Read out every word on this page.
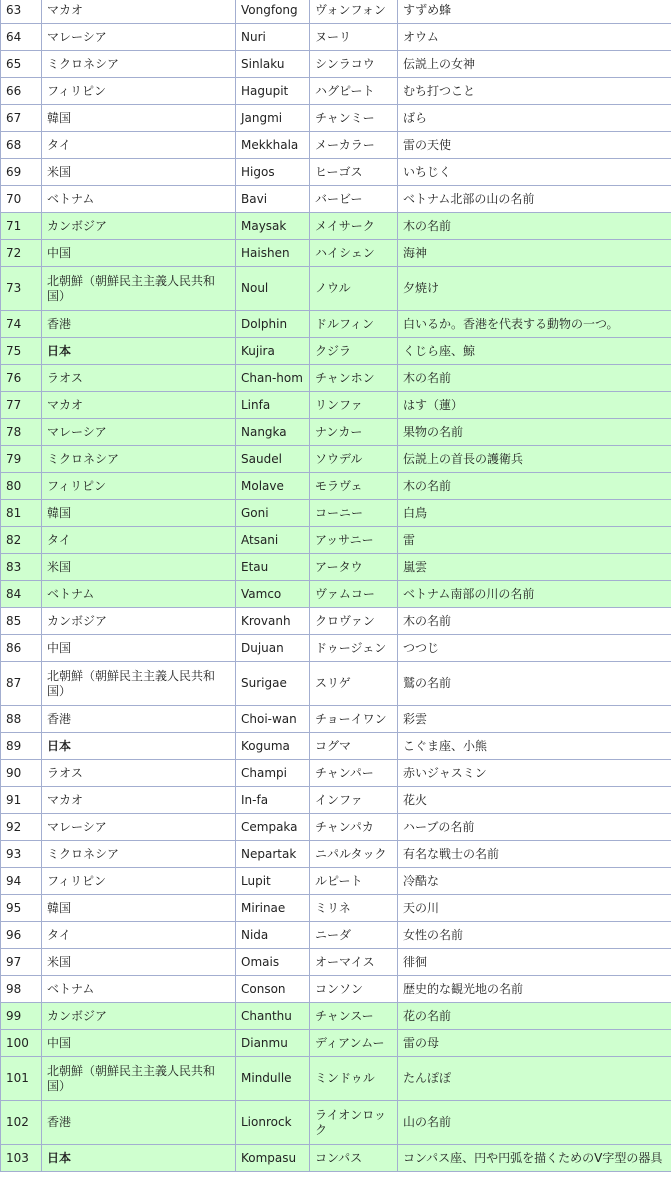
63	マカオ	Vongfong	ヴォンフォン	すずめ蜂
64	マレーシア	Nuri	ヌーリ	オウム
65	ミクロネシア	Sinlaku	シンラコウ	伝説上の女神
66	フィリピン	Hagupit	ハグピート	むち打つこと
67	韓国	Jangmi	チャンミー	ばら
68	タイ	Mekkhala	メーカラー	雷の天使
69	米国	Higos	ヒーゴス	いちじく
70	ベトナム	Bavi	バービー	ベトナム北部の山の名前
71	カンボジア	Maysak	メイサーク	木の名前
72	中国	Haishen	ハイシェン	海神
73	北朝鮮（朝鮮民主主義人民共和国）	Noul	ノウル	夕焼け
74	香港	Dolphin	ドルフィン	白いるか。香港を代表する動物の一つ。
75	日本	Kujira	クジラ	くじら座、鯨
76	ラオス	Chan-hom	チャンホン	木の名前
77	マカオ	Linfa	リンファ	はす（蓮）
78	マレーシア	Nangka	ナンカー	果物の名前
79	ミクロネシア	Saudel	ソウデル	伝説上の首長の護衛兵
80	フィリピン	Molave	モラヴェ	木の名前
81	韓国	Goni	コーニー	白鳥
82	タイ	Atsani	アッサニー	雷
83	米国	Etau	アータウ	嵐雲
84	ベトナム	Vamco	ヴァムコー	ベトナム南部の川の名前
85	カンボジア	Krovanh	クロヴァン	木の名前
86	中国	Dujuan	ドゥージェン	つつじ
87	北朝鮮（朝鮮民主主義人民共和国）	Surigae	スリゲ	鷲の名前
88	香港	Choi-wan	チョーイワン	彩雲
89	日本	Koguma	コグマ	こぐま座、小熊
90	ラオス	Champi	チャンパー	赤いジャスミン
91	マカオ	In-fa	インファ	花火
92	マレーシア	Cempaka	チャンパカ	ハーブの名前
93	ミクロネシア	Nepartak	ニパルタック	有名な戦士の名前
94	フィリピン	Lupit	ルピート	冷酷な
95	韓国	Mirinae	ミリネ	天の川
96	タイ	Nida	ニーダ	女性の名前
97	米国	Omais	オーマイス	徘徊
98	ベトナム	Conson	コンソン	歴史的な観光地の名前
99	カンボジア	Chanthu	チャンスー	花の名前
100	中国	Dianmu	ディアンムー	雷の母
101	北朝鮮（朝鮮民主主義人民共和国）	Mindulle	ミンドゥル	たんぽぽ
102	香港	Lionrock	ライオンロック	山の名前
103	日本	Kompasu	コンパス	コンパス座、円や円弧を描くためのV字型の器具
